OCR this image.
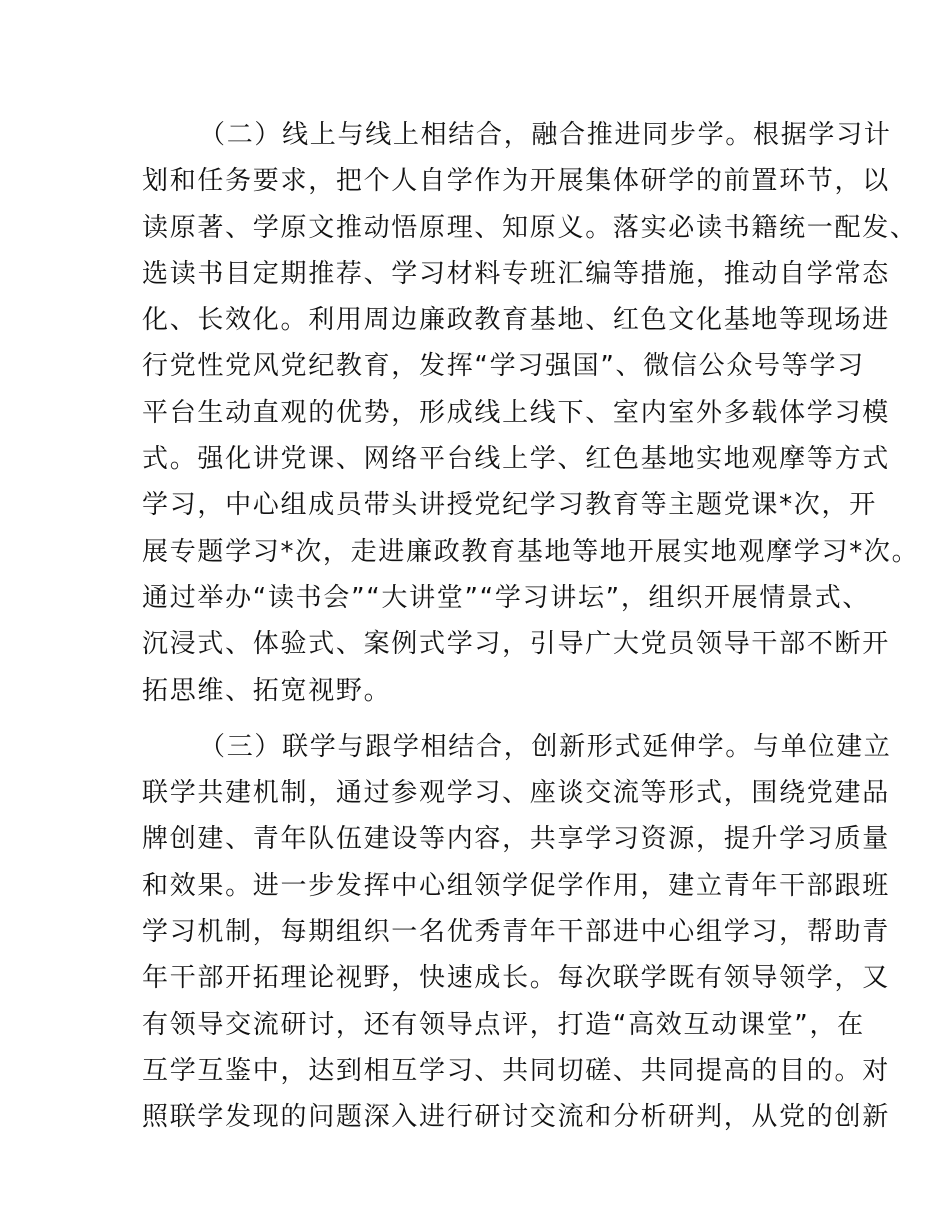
（二）线上与线上相结合，融合推进同步学。根据学习计
划和任务要求，把个人自学作为开展集体研学的前置环节，以
读原著、学原文推动悟原理、知原义。落实必读书籍统一配发、
选读书目定期推荐、学习材料专班汇编等措施，推动自学常态
化、长效化。利用周边廉政教育基地、红色文化基地等现场进
行党性党风党纪教育，发挥“学习强国”、微信公众号等学习
平台生动直观的优势，形成线上线下、室内室外多载体学习模
式。强化讲党课、网络平台线上学、红色基地实地观摩等方式
学习，中心组成员带头讲授党纪学习教育等主题党课*次，开
展专题学习*次，走进廉政教育基地等地开展实地观摩学习*次。
通过举办“读书会”“大讲堂”“学习讲坛”，组织开展情景式、
沉浸式、体验式、案例式学习，引导广大党员领导干部不断开
拓思维、拓宽视野。
（三）联学与跟学相结合，创新形式延伸学。与单位建立
联学共建机制，通过参观学习、座谈交流等形式，围绕党建品
牌创建、青年队伍建设等内容，共享学习资源，提升学习质量
和效果。进一步发挥中心组领学促学作用，建立青年干部跟班
学习机制，每期组织一名优秀青年干部进中心组学习，帮助青
年干部开拓理论视野，快速成长。每次联学既有领导领学，又
有领导交流研讨，还有领导点评，打造“高效互动课堂”，在
互学互鉴中，达到相互学习、共同切磋、共同提高的目的。对
照联学发现的问题深入进行研讨交流和分析研判，从党的创新
